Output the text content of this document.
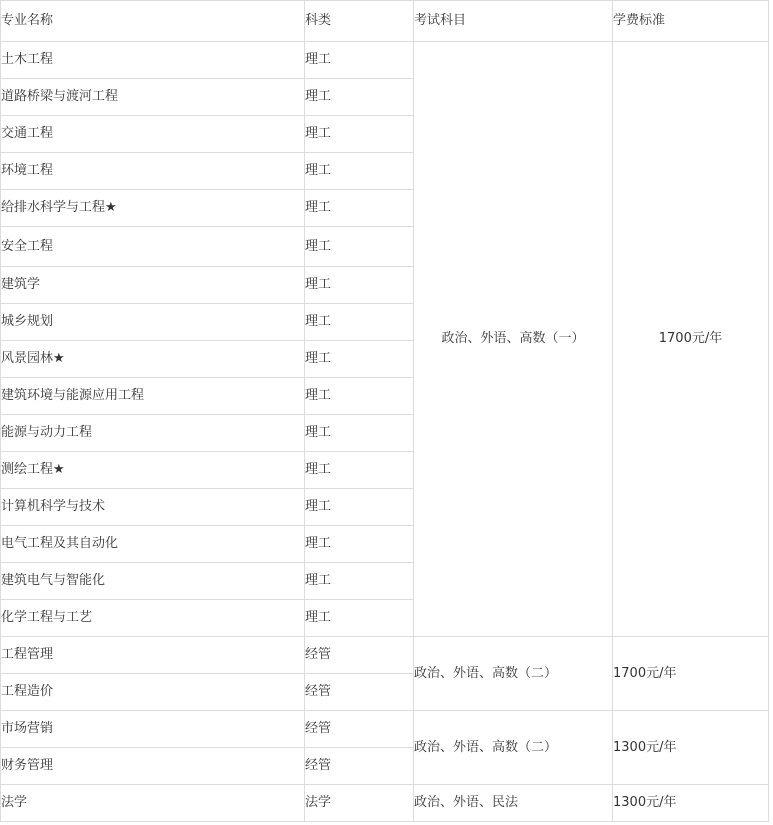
专业名称	科类	考试科目	学费标准
土木工程	理工	政治、外语、高数（一）	1700元/年
道路桥梁与渡河工程	理工		
交通工程	理工		
环境工程	理工		
给排水科学与工程★	理工		
安全工程	理工		
建筑学	理工		
城乡规划	理工		
风景园林★	理工		
建筑环境与能源应用工程	理工		
能源与动力工程	理工		
测绘工程★	理工		
计算机科学与技术	理工		
电气工程及其自动化	理工		
建筑电气与智能化	理工		
化学工程与工艺	理工		
工程管理	经管	政治、外语、高数（二）	1700元/年
工程造价	经管		
市场营销	经管	政治、外语、高数（二）	1300元/年
财务管理	经管		
法学	法学	政治、外语、民法	1300元/年
